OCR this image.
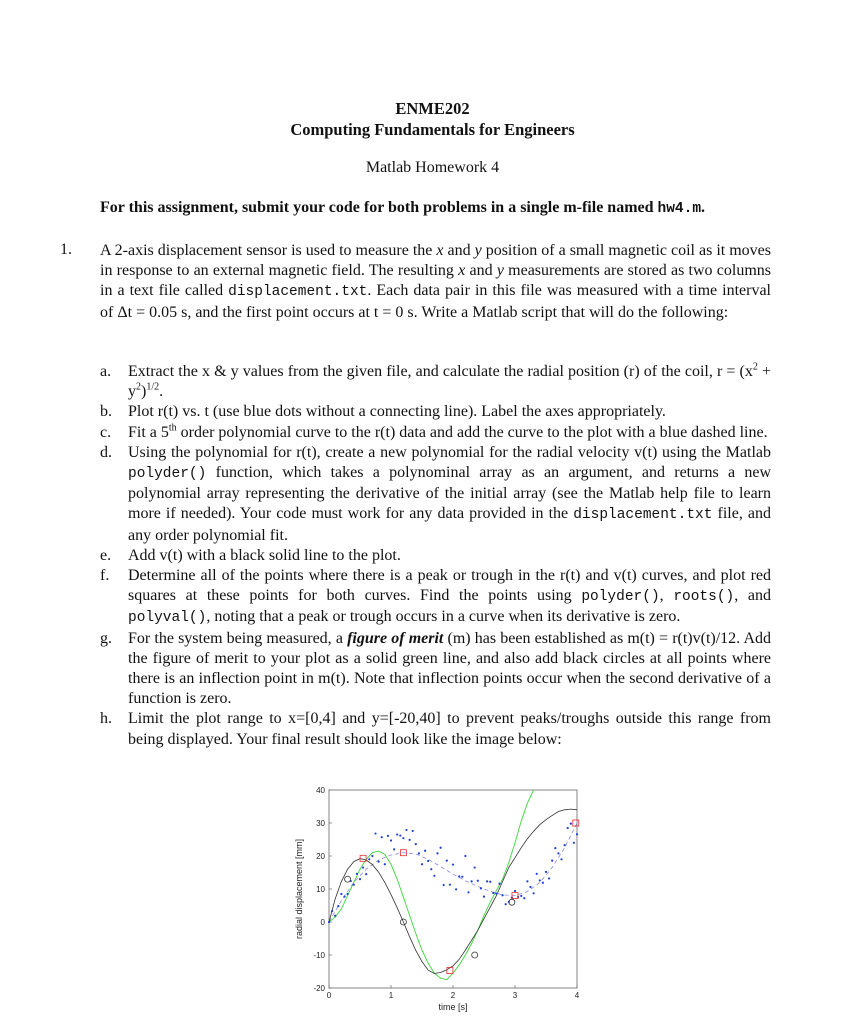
ENME202
Computing Fundamentals for Engineers
Matlab Homework 4
For this assignment, submit your code for both problems in a single m-file named hw4.m.
1. A 2-axis displacement sensor is used to measure the x and y position of a small magnetic coil as it moves in response to an external magnetic field. The resulting x and y measurements are stored as two columns in a text file called displacement.txt. Each data pair in this file was measured with a time interval of Δt = 0.05 s, and the first point occurs at t = 0 s. Write a Matlab script that will do the following:
a. Extract the x & y values from the given file, and calculate the radial position (r) of the coil, $r = (x^2 + y^2)^{1/2}$.
b. Plot r(t) vs. t (use blue dots without a connecting line). Label the axes appropriately.
c. Fit a 5th order polynomial curve to the r(t) data and add the curve to the plot with a blue dashed line.
d. Using the polynomial for r(t), create a new polynomial for the radial velocity v(t) using the Matlab polyder() function, which takes a polynominal array as an argument, and returns a new polynomial array representing the derivative of the initial array (see the Matlab help file to learn more if needed). Your code must work for any data provided in the displacement.txt file, and any order polynomial fit.
e. Add v(t) with a black solid line to the plot.
f. Determine all of the points where there is a peak or trough in the r(t) and v(t) curves, and plot red squares at these points for both curves. Find the points using polyder(), roots(), and polyval(), noting that a peak or trough occurs in a curve when its derivative is zero.
g. For the system being measured, a figure of merit (m) has been established as m(t) = r(t)v(t)/12. Add the figure of merit to your plot as a solid green line, and also add black circles at all points where there is an inflection point in m(t). Note that inflection points occur when the second derivative of a function is zero.
h. Limit the plot range to x=[0,4] and y=[-20,40] to prevent peaks/troughs outside this range from being displayed. Your final result should look like the image below:
0	1	2	3	4
40
30
20
10
0
-10
-20
time [s]
radial displacement [mm]
